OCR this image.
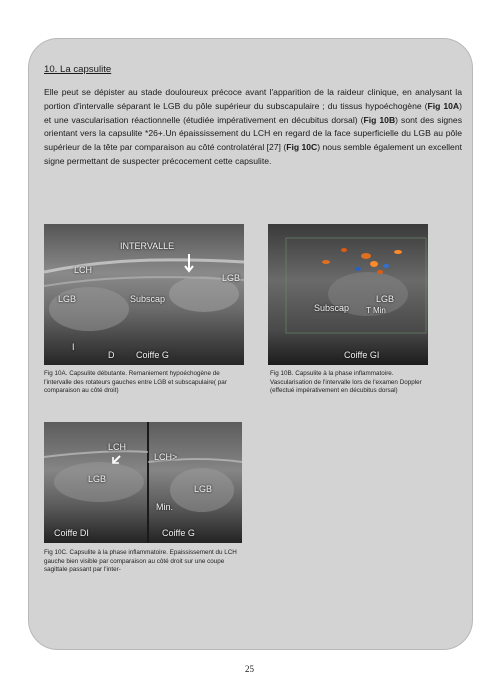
10. La capsulite
Elle peut se dépister au stade douloureux précoce avant l'apparition de la raideur clinique, en analysant la portion d'intervalle séparant le LGB du pôle supérieur du subscapulaire ; du tissus hypoéchogène (Fig 10A) et une vascularisation réactionnelle (étudiée impérativement en décubitus dorsal) (Fig 10B) sont des signes orientant vers la capsulite *26+.Un épaississement du LCH en regard de la face superficielle du LGB au pôle supérieur de la tête par comparaison au côté controlatéral [27] (Fig 10C) nous semble également un excellent signe permettant de suspecter précocement cette capsulite.
INTERVALLE
LCH
LGB
LGB
Subscap
I
D Coiffe G
Fig 10A. Capsulite débutante. Remaniement hypoéchogène de l'intervalle des rotateurs gauches entre LGB et subscapulaire( par comparaison au côté droit)
Subscap
LGB
T Min
Coiffe GI
Fig 10B. Capsulite à la phase inflammatoire. Vascularisation de l'intervalle lors de l'examen Doppler (effectué impérativement en décubitus dorsal)
LCH
LGB
Coiffe DI
LCH>
LGB
Min.
Coiffe G
Fig 10C. Capsulite à la phase inflammatoire. Epaississement du LCH gauche bien visible par comparaison au côté droit sur une coupe sagittale passant par l'inter-
25
